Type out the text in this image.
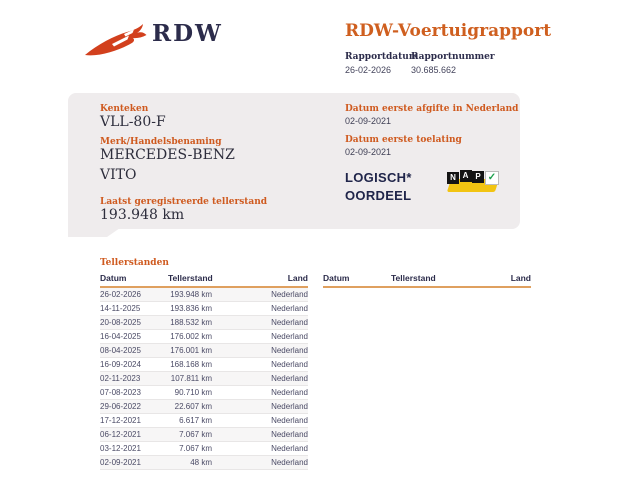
RDW	RDW-Voertuigrapport
Rapportdatum
26-02-2026
Rapportnummer
30.685.662
Kenteken
VLL-80-F
Merk/Handelsbenaming
MERCEDES-BENZ
VITO
Laatst geregistreerde tellerstand
193.948 km
Datum eerste afgifte in Nederland
02-09-2021
Datum eerste toelating
02-09-2021
LOGISCH*
OORDEEL
N A P ✓
Tellerstanden
Datum	Tellerstand	Land
26-02-2026	193.948 km	Nederland
14-11-2025	193.836 km	Nederland
20-08-2025	188.532 km	Nederland
16-04-2025	176.002 km	Nederland
08-04-2025	176.001 km	Nederland
16-09-2024	168.168 km	Nederland
02-11-2023	107.811 km	Nederland
07-08-2023	90.710 km	Nederland
29-06-2022	22.607 km	Nederland
17-12-2021	6.617 km	Nederland
06-12-2021	7.067 km	Nederland
03-12-2021	7.067 km	Nederland
02-09-2021	48 km	Nederland
Datum	Tellerstand	Land
